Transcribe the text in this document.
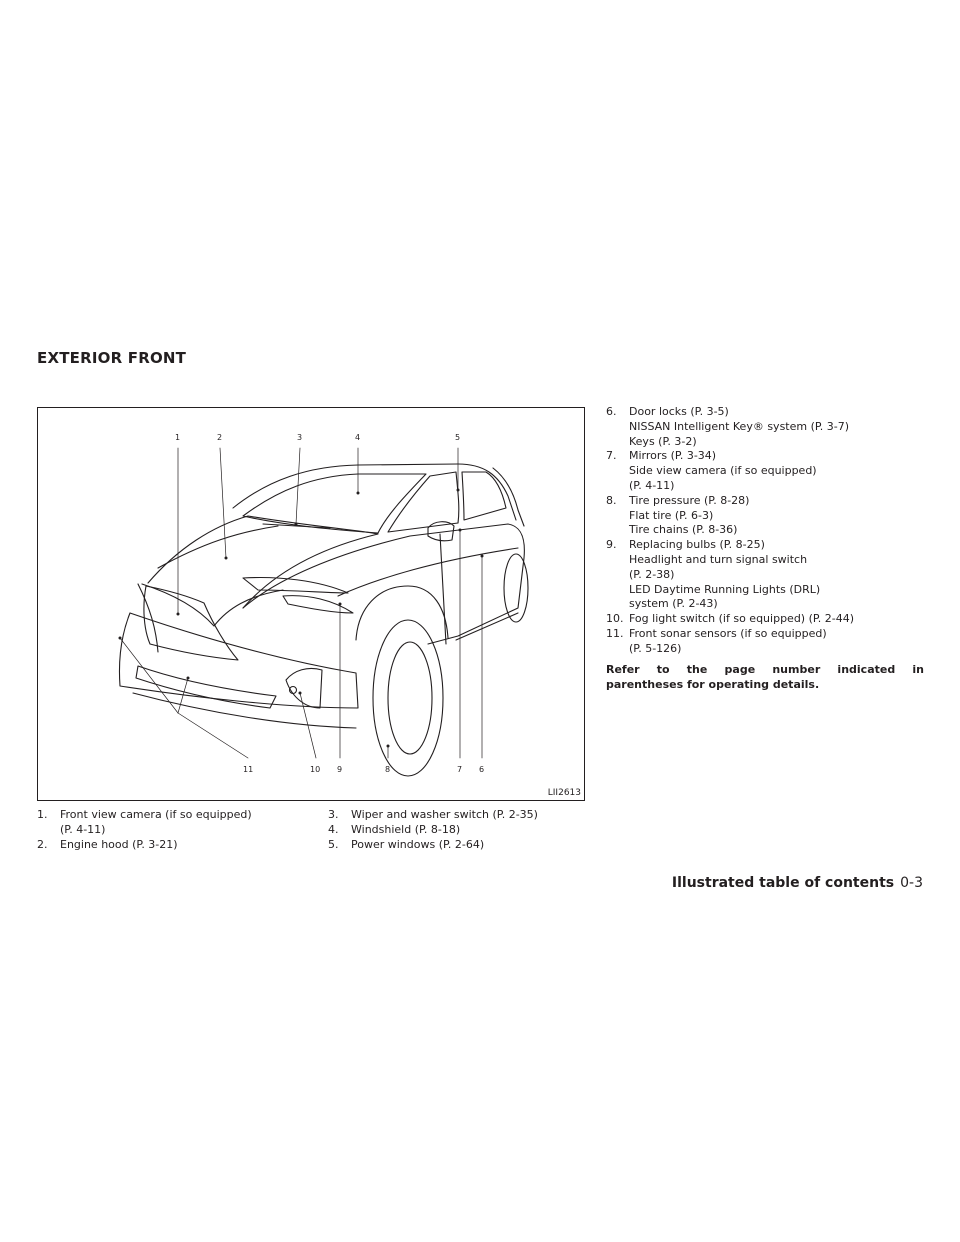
EXTERIOR FRONT
1	2	3	4	5
11	10 9	8	7 6
LII2613
1. Front view camera (if so equipped)
(P. 4-11)
2. Engine hood (P. 3-21)
3. Wiper and washer switch (P. 2-35)
4. Windshield (P. 8-18)
5. Power windows (P. 2-64)
6. Door locks (P. 3-5)
NISSAN Intelligent Key® system (P. 3-7)
Keys (P. 3-2)
7. Mirrors (P. 3-34)
Side view camera (if so equipped)
(P. 4-11)
8. Tire pressure (P. 8-28)
Flat tire (P. 6-3)
Tire chains (P. 8-36)
9. Replacing bulbs (P. 8-25)
Headlight and turn signal switch
(P. 2-38)
LED Daytime Running Lights (DRL)
system (P. 2-43)
10. Fog light switch (if so equipped) (P. 2-44)
11. Front sonar sensors (if so equipped)
(P. 5-126)

Refer to the page number indicated in parentheses for operating details.

Illustrated table of contents 0-3
